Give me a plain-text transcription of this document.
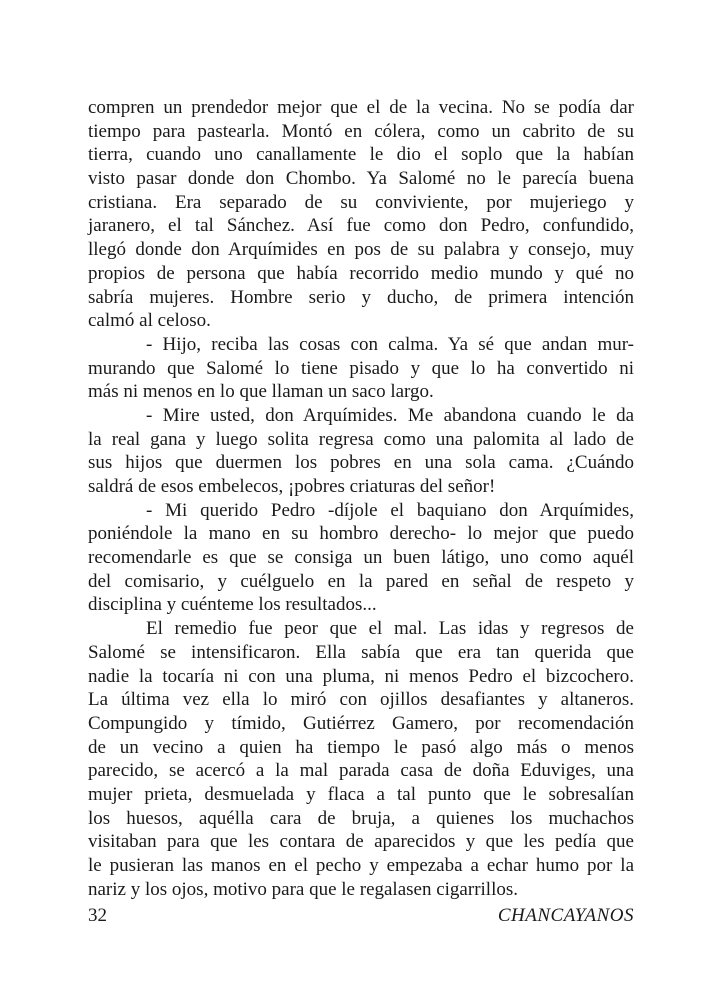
compren un prendedor mejor que el de la vecina. No se podía dar
tiempo para pastearla. Montó en cólera, como un cabrito de su
tierra, cuando uno canallamente le dio el soplo que la habían
visto pasar donde don Chombo. Ya Salomé no le parecía buena
cristiana. Era separado de su conviviente, por mujeriego y
jaranero, el tal Sánchez. Así fue como don Pedro, confundido,
llegó donde don Arquímides en pos de su palabra y consejo, muy
propios de persona que había recorrido medio mundo y qué no
sabría mujeres. Hombre serio y ducho, de primera intención
calmó al celoso.
- Hijo, reciba las cosas con calma. Ya sé que andan mur-
murando que Salomé lo tiene pisado y que lo ha convertido ni
más ni menos en lo que llaman un saco largo.
- Mire usted, don Arquímides. Me abandona cuando le da
la real gana y luego solita regresa como una palomita al lado de
sus hijos que duermen los pobres en una sola cama. ¿Cuándo
saldrá de esos embelecos, ¡pobres criaturas del señor!
- Mi querido Pedro -díjole el baquiano don Arquímides,
poniéndole la mano en su hombro derecho- lo mejor que puedo
recomendarle es que se consiga un buen látigo, uno como aquél
del comisario, y cuélguelo en la pared en señal de respeto y
disciplina y cuénteme los resultados...
El remedio fue peor que el mal. Las idas y regresos de
Salomé se intensificaron. Ella sabía que era tan querida que
nadie la tocaría ni con una pluma, ni menos Pedro el bizcochero.
La última vez ella lo miró con ojillos desafiantes y altaneros.
Compungido y tímido, Gutiérrez Gamero, por recomendación
de un vecino a quien ha tiempo le pasó algo más o menos
parecido, se acercó a la mal parada casa de doña Eduviges, una
mujer prieta, desmuelada y flaca a tal punto que le sobresalían
los huesos, aquélla cara de bruja, a quienes los muchachos
visitaban para que les contara de aparecidos y que les pedía que
le pusieran las manos en el pecho y empezaba a echar humo por la
nariz y los ojos, motivo para que le regalasen cigarrillos.
32	CHANCAYANOS
